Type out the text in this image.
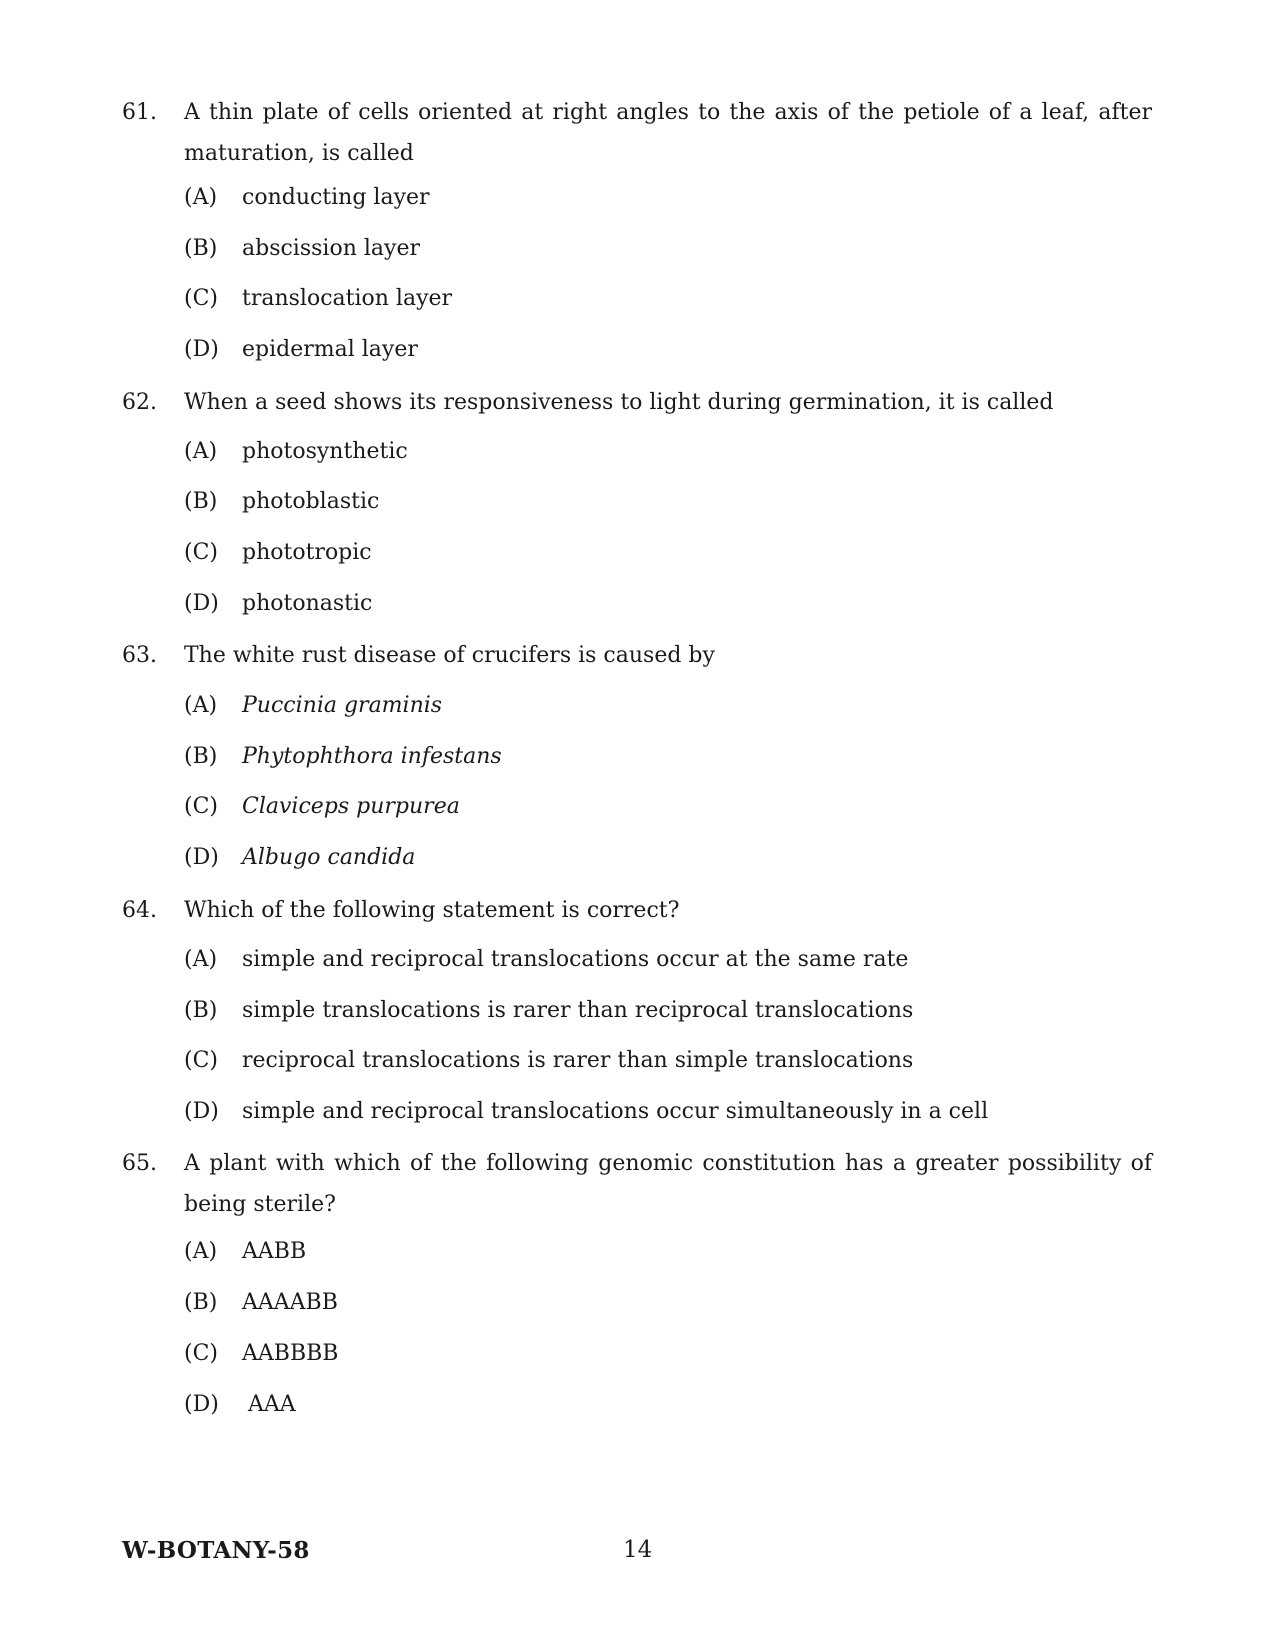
61.	A thin plate of cells oriented at right angles to the axis of the petiole of a leaf, after maturation, is called
(A) conducting layer
(B) abscission layer
(C) translocation layer
(D) epidermal layer
62.	When a seed shows its responsiveness to light during germination, it is called
(A) photosynthetic
(B) photoblastic
(C) phototropic
(D) photonastic
63.	The white rust disease of crucifers is caused by
(A) Puccinia graminis
(B) Phytophthora infestans
(C) Claviceps purpurea
(D) Albugo candida
64.	Which of the following statement is correct?
(A) simple and reciprocal translocations occur at the same rate
(B) simple translocations is rarer than reciprocal translocations
(C) reciprocal translocations is rarer than simple translocations
(D) simple and reciprocal translocations occur simultaneously in a cell
65.	A plant with which of the following genomic constitution has a greater possibility of being sterile?
(A) AABB
(B) AAAABB
(C) AABBBB
(D) AAA
W-BOTANY-58	14
